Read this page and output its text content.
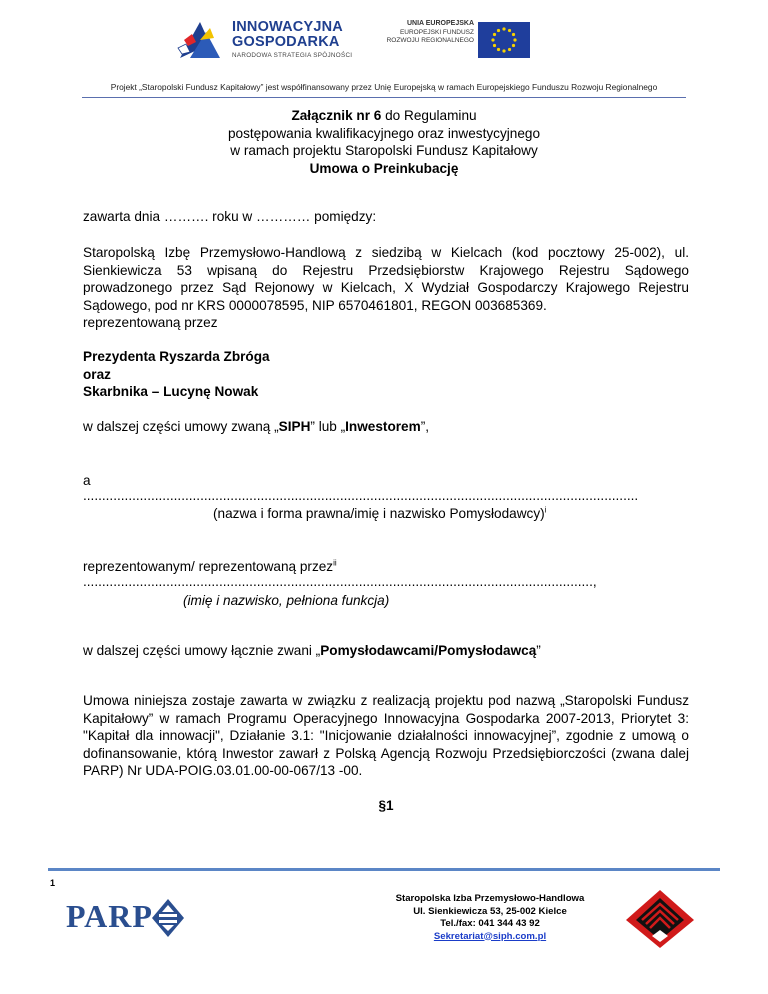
INNOWACYJNA
GOSPODARKA
NARODOWA STRATEGIA SPÓJNOŚCI
UNIA EUROPEJSKA
EUROPEJSKI FUNDUSZ
ROZWOJU REGIONALNEGO
Projekt „Staropolski Fundusz Kapitałowy” jest współfinansowany przez Unię Europejską w ramach Europejskiego Funduszu Rozwoju Regionalnego
Załącznik nr 6 do Regulaminu
postępowania kwalifikacyjnego oraz inwestycyjnego
w ramach projektu Staropolski Fundusz Kapitałowy
Umowa o Preinkubację
zawarta dnia ………. roku w ………… pomiędzy:
Staropolską Izbę Przemysłowo-Handlową z siedzibą w Kielcach (kod pocztowy 25-002), ul. Sienkiewicza 53 wpisaną do Rejestru Przedsiębiorstw Krajowego Rejestru Sądowego prowadzonego przez Sąd Rejonowy w Kielcach, X Wydział Gospodarczy Krajowego Rejestru Sądowego, pod nr KRS 0000078595, NIP 6570461801, REGON 003685369.
reprezentowaną przez
Prezydenta Ryszarda Zbróga
oraz
Skarbnika – Lucynę Nowak
w dalszej części umowy zwaną „SIPH” lub „Inwestorem”,
a
...................................................................................................................................................
(nazwa i forma prawna/imię i nazwisko Pomysłodawcy)$^i$
reprezentowanym/ reprezentowaną przez$^{ii}$
.......................................................................................................................................,
(imię i nazwisko, pełniona funkcja)
w dalszej części umowy łącznie zwani „Pomysłodawcami/Pomysłodawcą”
Umowa niniejsza zostaje zawarta w związku z realizacją projektu pod nazwą „Staropolski Fundusz Kapitałowy” w ramach Programu Operacyjnego Innowacyjna Gospodarka 2007-2013, Priorytet 3: "Kapitał dla innowacji", Działanie 3.1: "Inicjowanie działalności innowacyjnej”, zgodnie z umową o dofinansowanie, którą Inwestor zawarł z Polską Agencją Rozwoju Przedsiębiorczości (zwana dalej PARP) Nr UDA-POIG.03.01.00-00-067/13 -00.
§1
1
PARP	Staropolska Izba Przemysłowo-Handlowa
Ul. Sienkiewicza 53, 25-002 Kielce
Tel./fax: 041 344 43 92
Sekretariat@siph.com.pl
